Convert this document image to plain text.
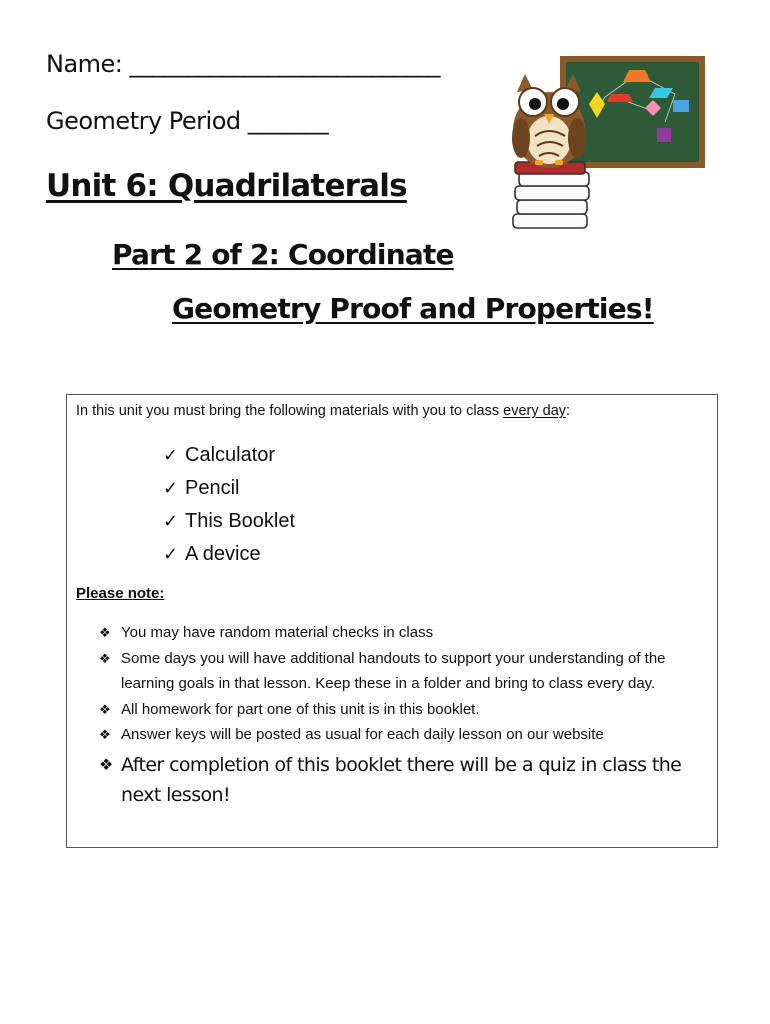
Name: ___________________________
Geometry Period _______
Unit 6: Quadrilaterals
Part 2 of 2: Coordinate
Geometry Proof and Properties!
In this unit you must bring the following materials with you to class every day:
✓ Calculator
✓ Pencil
✓ This Booklet
✓ A device
Please note:
❖ You may have random material checks in class
❖ Some days you will have additional handouts to support your understanding of the learning goals in that lesson. Keep these in a folder and bring to class every day.
❖ All homework for part one of this unit is in this booklet.
❖ Answer keys will be posted as usual for each daily lesson on our website
❖ After completion of this booklet there will be a quiz in class the next lesson!
